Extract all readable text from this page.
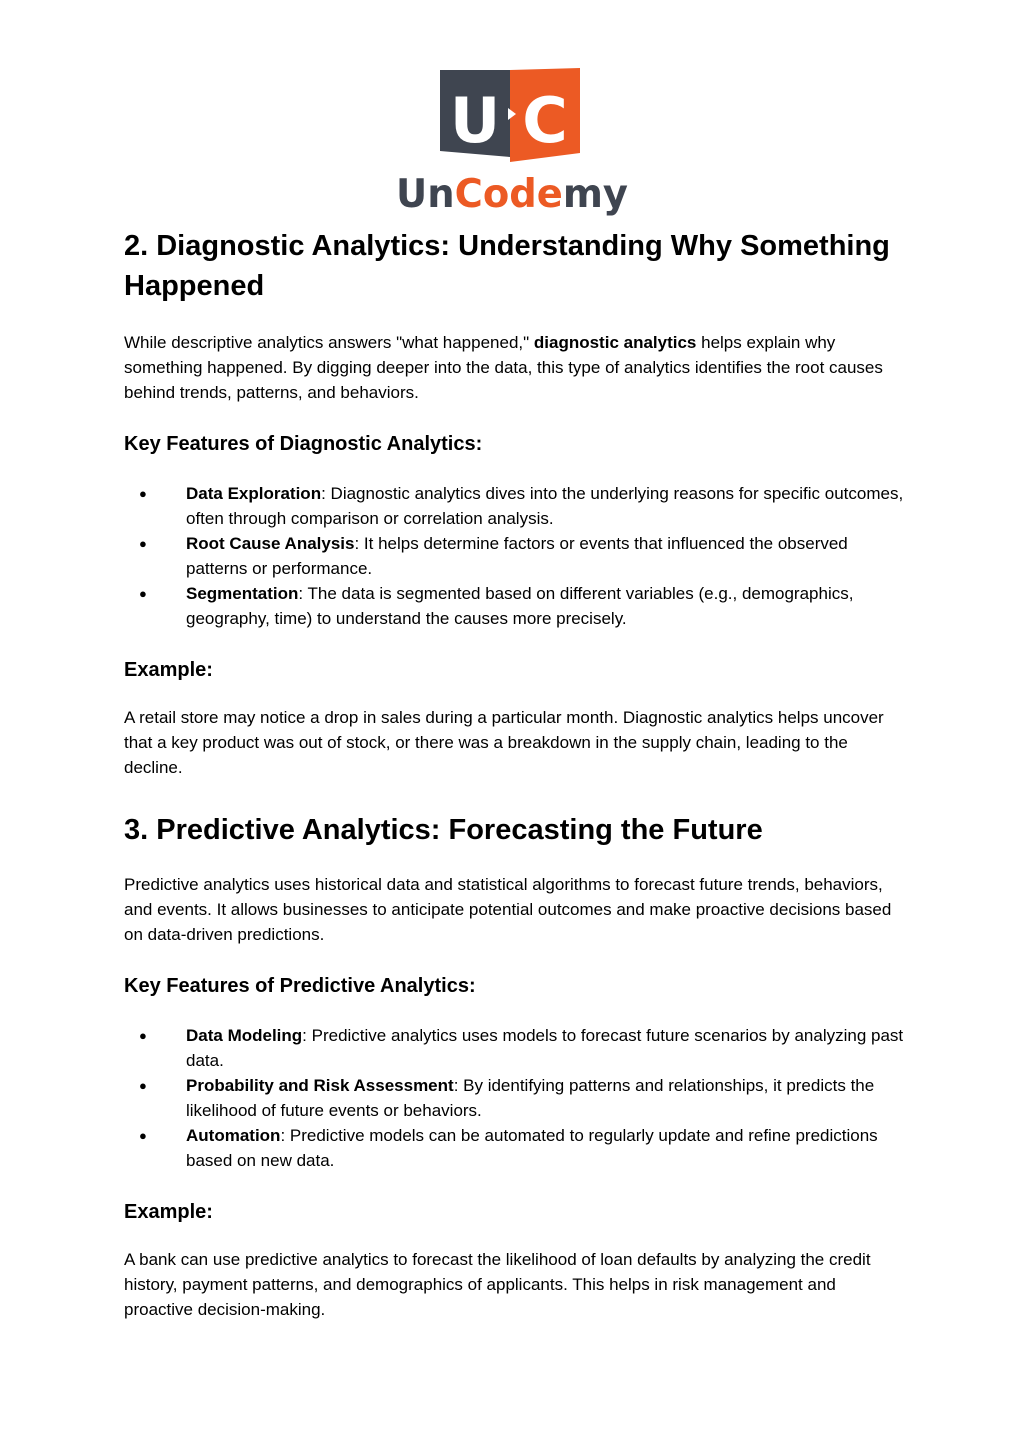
U C
UnCodemy
2. Diagnostic Analytics: Understanding Why Something Happened

While descriptive analytics answers "what happened," diagnostic analytics helps explain why something happened. By digging deeper into the data, this type of analytics identifies the root causes behind trends, patterns, and behaviors.

Key Features of Diagnostic Analytics:
● Data Exploration: Diagnostic analytics dives into the underlying reasons for specific outcomes, often through comparison or correlation analysis.
● Root Cause Analysis: It helps determine factors or events that influenced the observed patterns or performance.
● Segmentation: The data is segmented based on different variables (e.g., demographics, geography, time) to understand the causes more precisely.
Example:

A retail store may notice a drop in sales during a particular month. Diagnostic analytics helps uncover that a key product was out of stock, or there was a breakdown in the supply chain, leading to the decline.

3. Predictive Analytics: Forecasting the Future

Predictive analytics uses historical data and statistical algorithms to forecast future trends, behaviors, and events. It allows businesses to anticipate potential outcomes and make proactive decisions based on data-driven predictions.

Key Features of Predictive Analytics:
● Data Modeling: Predictive analytics uses models to forecast future scenarios by analyzing past data.
● Probability and Risk Assessment: By identifying patterns and relationships, it predicts the likelihood of future events or behaviors.
● Automation: Predictive models can be automated to regularly update and refine predictions based on new data.
Example:

A bank can use predictive analytics to forecast the likelihood of loan defaults by analyzing the credit history, payment patterns, and demographics of applicants. This helps in risk management and proactive decision-making.
